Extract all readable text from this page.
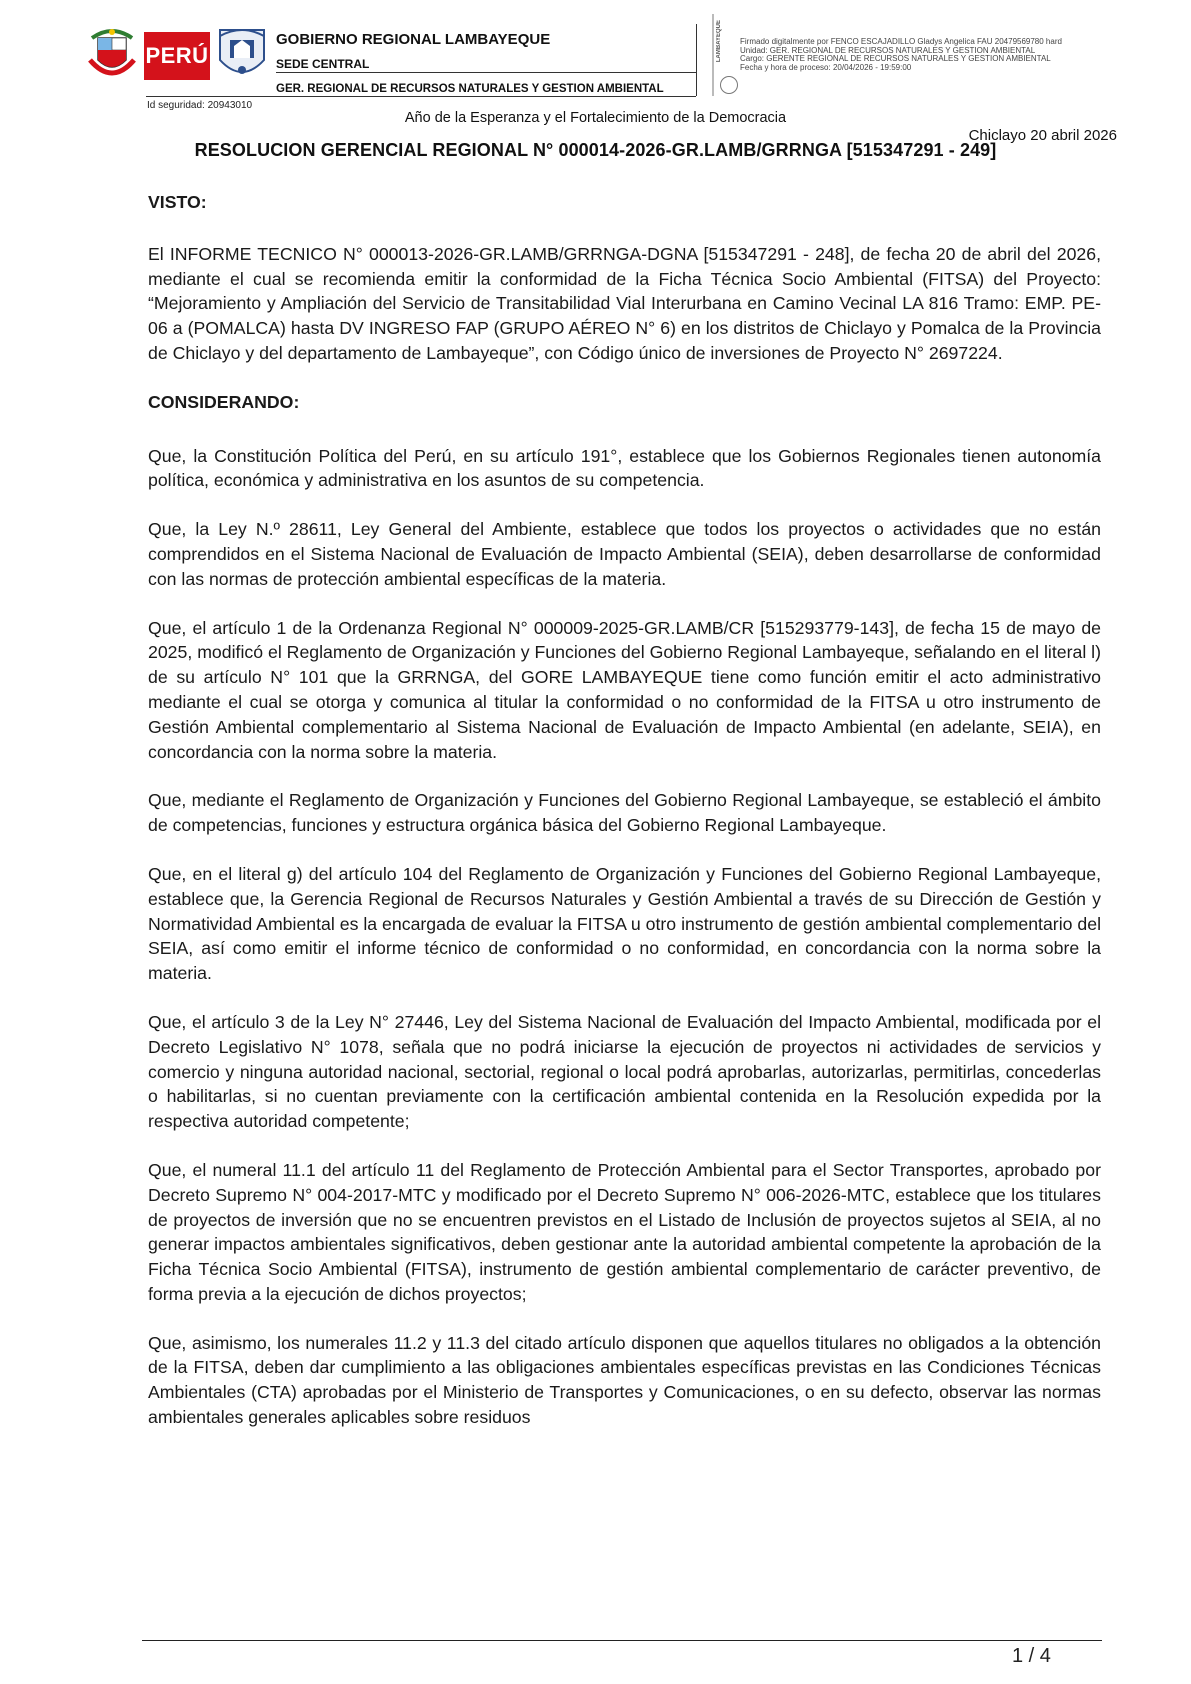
PERÚ
GOBIERNO REGIONAL LAMBAYEQUE
SEDE CENTRAL
GER. REGIONAL DE RECURSOS NATURALES Y GESTION AMBIENTAL
LAMBAYEQUE	Firmado digitalmente por FENCO ESCAJADILLO Gladys Angelica FAU 20479569780 hard
Unidad: GER. REGIONAL DE RECURSOS NATURALES Y GESTION AMBIENTAL
Cargo: GERENTE REGIONAL DE RECURSOS NATURALES Y GESTION AMBIENTAL
Fecha y hora de proceso: 20/04/2026 - 19:59:00
Id seguridad: 20943010
Año de la Esperanza y el Fortalecimiento de la Democracia
Chiclayo 20 abril 2026
RESOLUCION GERENCIAL REGIONAL N° 000014-2026-GR.LAMB/GRRNGA [515347291 - 249]
VISTO:

El INFORME TECNICO N° 000013-2026-GR.LAMB/GRRNGA-DGNA [515347291 - 248], de fecha 20 de abril del 2026, mediante el cual se recomienda emitir la conformidad de la Ficha Técnica Socio Ambiental (FITSA) del Proyecto: “Mejoramiento y Ampliación del Servicio de Transitabilidad Vial Interurbana en Camino Vecinal LA 816 Tramo: EMP. PE-06 a (POMALCA) hasta DV INGRESO FAP (GRUPO AÉREO N° 6) en los distritos de Chiclayo y Pomalca de la Provincia de Chiclayo y del departamento de Lambayeque”, con Código único de inversiones de Proyecto N° 2697224.

CONSIDERANDO:

Que, la Constitución Política del Perú, en su artículo 191°, establece que los Gobiernos Regionales tienen autonomía política, económica y administrativa en los asuntos de su competencia.

Que, la Ley N.º 28611, Ley General del Ambiente, establece que todos los proyectos o actividades que no están comprendidos en el Sistema Nacional de Evaluación de Impacto Ambiental (SEIA), deben desarrollarse de conformidad con las normas de protección ambiental específicas de la materia.

Que, el artículo 1 de la Ordenanza Regional N° 000009-2025-GR.LAMB/CR [515293779-143], de fecha 15 de mayo de 2025, modificó el Reglamento de Organización y Funciones del Gobierno Regional Lambayeque, señalando en el literal l) de su artículo N° 101 que la GRRNGA, del GORE LAMBAYEQUE tiene como función emitir el acto administrativo mediante el cual se otorga y comunica al titular la conformidad o no conformidad de la FITSA u otro instrumento de Gestión Ambiental complementario al Sistema Nacional de Evaluación de Impacto Ambiental (en adelante, SEIA), en concordancia con la norma sobre la materia.

Que, mediante el Reglamento de Organización y Funciones del Gobierno Regional Lambayeque, se estableció el ámbito de competencias, funciones y estructura orgánica básica del Gobierno Regional Lambayeque.

Que, en el literal g) del artículo 104 del Reglamento de Organización y Funciones del Gobierno Regional Lambayeque, establece que, la Gerencia Regional de Recursos Naturales y Gestión Ambiental a través de su Dirección de Gestión y Normatividad Ambiental es la encargada de evaluar la FITSA u otro instrumento de gestión ambiental complementario del SEIA, así como emitir el informe técnico de conformidad o no conformidad, en concordancia con la norma sobre la materia.

Que, el artículo 3 de la Ley N° 27446, Ley del Sistema Nacional de Evaluación del Impacto Ambiental, modificada por el Decreto Legislativo N° 1078, señala que no podrá iniciarse la ejecución de proyectos ni actividades de servicios y comercio y ninguna autoridad nacional, sectorial, regional o local podrá aprobarlas, autorizarlas, permitirlas, concederlas o habilitarlas, si no cuentan previamente con la certificación ambiental contenida en la Resolución expedida por la respectiva autoridad competente;

Que, el numeral 11.1 del artículo 11 del Reglamento de Protección Ambiental para el Sector Transportes, aprobado por Decreto Supremo N° 004-2017-MTC y modificado por el Decreto Supremo N° 006-2026-MTC, establece que los titulares de proyectos de inversión que no se encuentren previstos en el Listado de Inclusión de proyectos sujetos al SEIA, al no generar impactos ambientales significativos, deben gestionar ante la autoridad ambiental competente la aprobación de la Ficha Técnica Socio Ambiental (FITSA), instrumento de gestión ambiental complementario de carácter preventivo, de forma previa a la ejecución de dichos proyectos;

Que, asimismo, los numerales 11.2 y 11.3 del citado artículo disponen que aquellos titulares no obligados a la obtención de la FITSA, deben dar cumplimiento a las obligaciones ambientales específicas previstas en las Condiciones Técnicas Ambientales (CTA) aprobadas por el Ministerio de Transportes y Comunicaciones, o en su defecto, observar las normas ambientales generales aplicables sobre residuos

1 / 4
